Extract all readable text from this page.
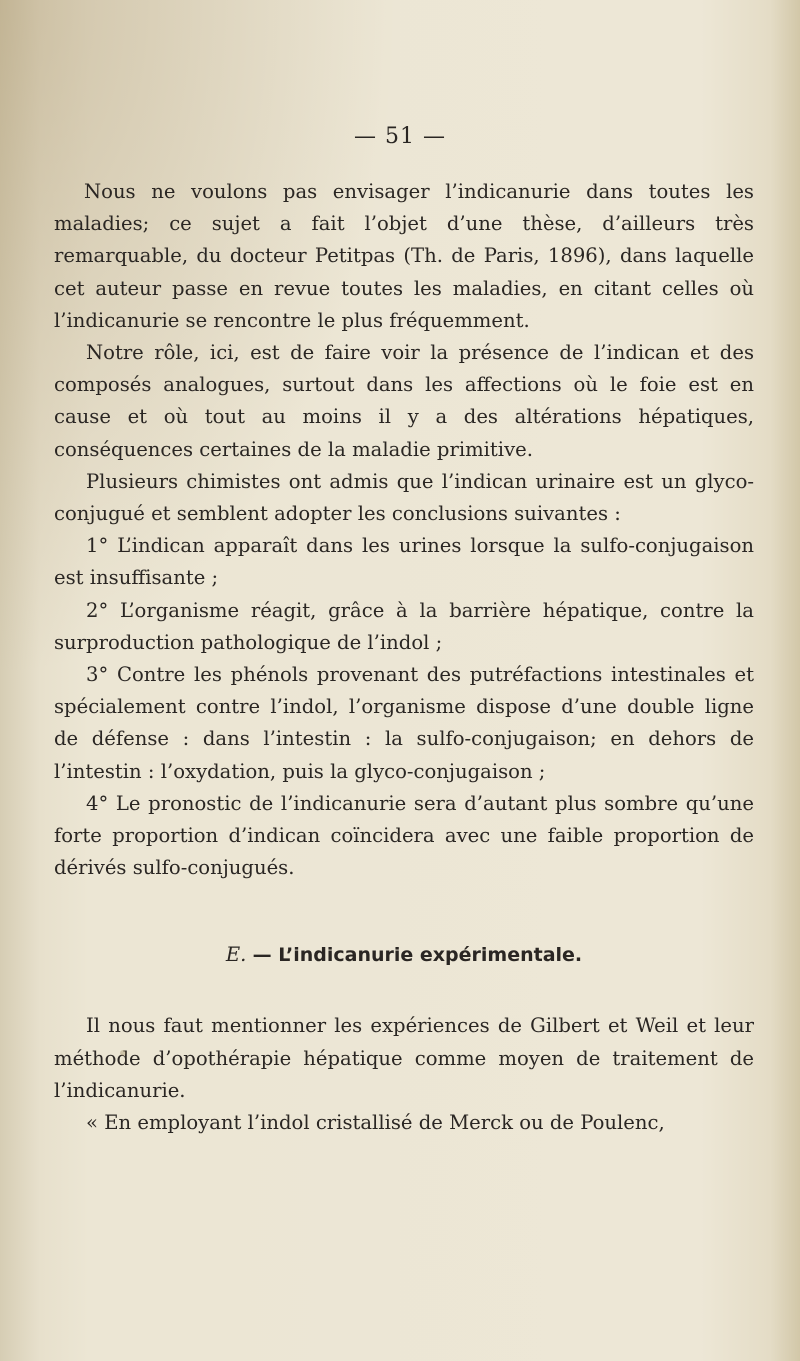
— 51 —

Nous ne voulons pas envisager l’indicanurie dans toutes les maladies; ce sujet a fait l’objet d’une thèse, d’ailleurs très remarquable, du docteur Petitpas (Th. de Paris, 1896), dans laquelle cet auteur passe en revue toutes les maladies, en citant celles où l’indicanurie se rencontre le plus fréquemment.

Notre rôle, ici, est de faire voir la présence de l’indican et des composés analogues, surtout dans les affections où le foie est en cause et où tout au moins il y a des altérations hépatiques, conséquences certaines de la maladie primitive.

Plusieurs chimistes ont admis que l’indican urinaire est un glyco-conjugué et semblent adopter les conclusions suivantes :

1° L’indican apparaît dans les urines lorsque la sulfo-conjugaison est insuffisante ;

2° L’organisme réagit, grâce à la barrière hépatique, contre la surproduction pathologique de l’indol ;

3° Contre les phénols provenant des putréfactions intestinales et spécialement contre l’indol, l’organisme dispose d’une double ligne de défense : dans l’intestin : la sulfo-conjugaison; en dehors de l’intestin : l’oxydation, puis la glyco-conjugaison ;

4° Le pronostic de l’indicanurie sera d’autant plus sombre qu’une forte proportion d’indican coïncidera avec une faible proportion de dérivés sulfo-conjugués.

E. — L’indicanurie expérimentale.

Il nous faut mentionner les expériences de Gilbert et Weil et leur méthode d’opothérapie hépatique comme moyen de traitement de l’indicanurie.

« En employant l’indol cristallisé de Merck ou de Poulenc,
